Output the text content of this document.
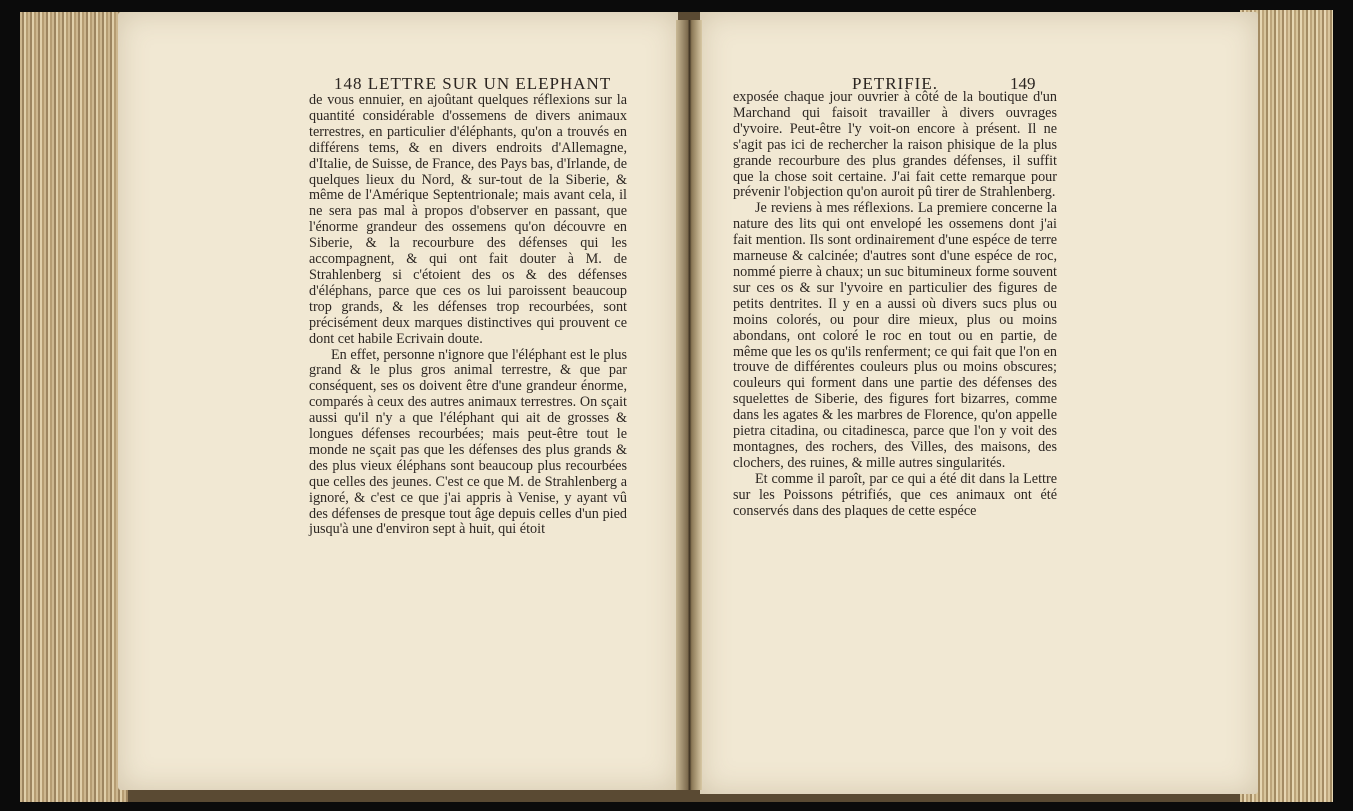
148 LETTRE SUR UN ELEPHANT	PETRIFIE.	149

de vous ennuier, en ajoûtant quelques réflexions sur la quantité considérable d'ossemens de divers animaux terrestres, en particulier d'éléphants, qu'on a trouvés en différens tems, & en divers endroits d'Allemagne, d'Italie, de Suisse, de France, des Pays bas, d'Irlande, de quelques lieux du Nord, & sur-tout de la Siberie, & même de l'Amérique Septentrionale; mais avant cela, il ne sera pas mal à propos d'observer en passant, que l'énorme grandeur des ossemens qu'on découvre en Siberie, & la recourbure des défenses qui les accompagnent, & qui ont fait douter à M. de Strahlenberg si c'étoient des os & des défenses d'éléphans, parce que ces os lui paroissent beaucoup trop grands, & les défenses trop recourbées, sont précisément deux marques distinctives qui prouvent ce dont cet habile Ecrivain doute.

En effet, personne n'ignore que l'éléphant est le plus grand & le plus gros animal terrestre, & que par conséquent, ses os doivent être d'une grandeur énorme, comparés à ceux des autres animaux terrestres. On sçait aussi qu'il n'y a que l'éléphant qui ait de grosses & longues défenses recourbées; mais peut-être tout le monde ne sçait pas que les défenses des plus grands & des plus vieux éléphans sont beaucoup plus recourbées que celles des jeunes. C'est ce que M. de Strahlenberg a ignoré, & c'est ce que j'ai appris à Venise, y ayant vû des défenses de presque tout âge depuis celles d'un pied jusqu'à une d'environ sept à huit, qui étoit

exposée chaque jour ouvrier à côté de la boutique d'un Marchand qui faisoit travailler à divers ouvrages d'yvoire. Peut-être l'y voit-on encore à présent. Il ne s'agit pas ici de rechercher la raison phisique de la plus grande recourbure des plus grandes défenses, il suffit que la chose soit certaine. J'ai fait cette remarque pour prévenir l'objection qu'on auroit pû tirer de Strahlenberg.

Je reviens à mes réflexions. La premiere concerne la nature des lits qui ont envelopé les ossemens dont j'ai fait mention. Ils sont ordinairement d'une espéce de terre marneuse & calcinée; d'autres sont d'une espéce de roc, nommé pierre à chaux; un suc bitumineux forme souvent sur ces os & sur l'yvoire en particulier des figures de petits dentrites. Il y en a aussi où divers sucs plus ou moins colorés, ou pour dire mieux, plus ou moins abondans, ont coloré le roc en tout ou en partie, de même que les os qu'ils renferment; ce qui fait que l'on en trouve de différentes couleurs plus ou moins obscures; couleurs qui forment dans une partie des défenses des squelettes de Siberie, des figures fort bizarres, comme dans les agates & les marbres de Florence, qu'on appelle pietra citadina, ou citadinesca, parce que l'on y voit des montagnes, des rochers, des Villes, des maisons, des clochers, des ruines, & mille autres singularités.

Et comme il paroît, par ce qui a été dit dans la Lettre sur les Poissons pétrifiés, que ces animaux ont été conservés dans des plaques de cette espéce
